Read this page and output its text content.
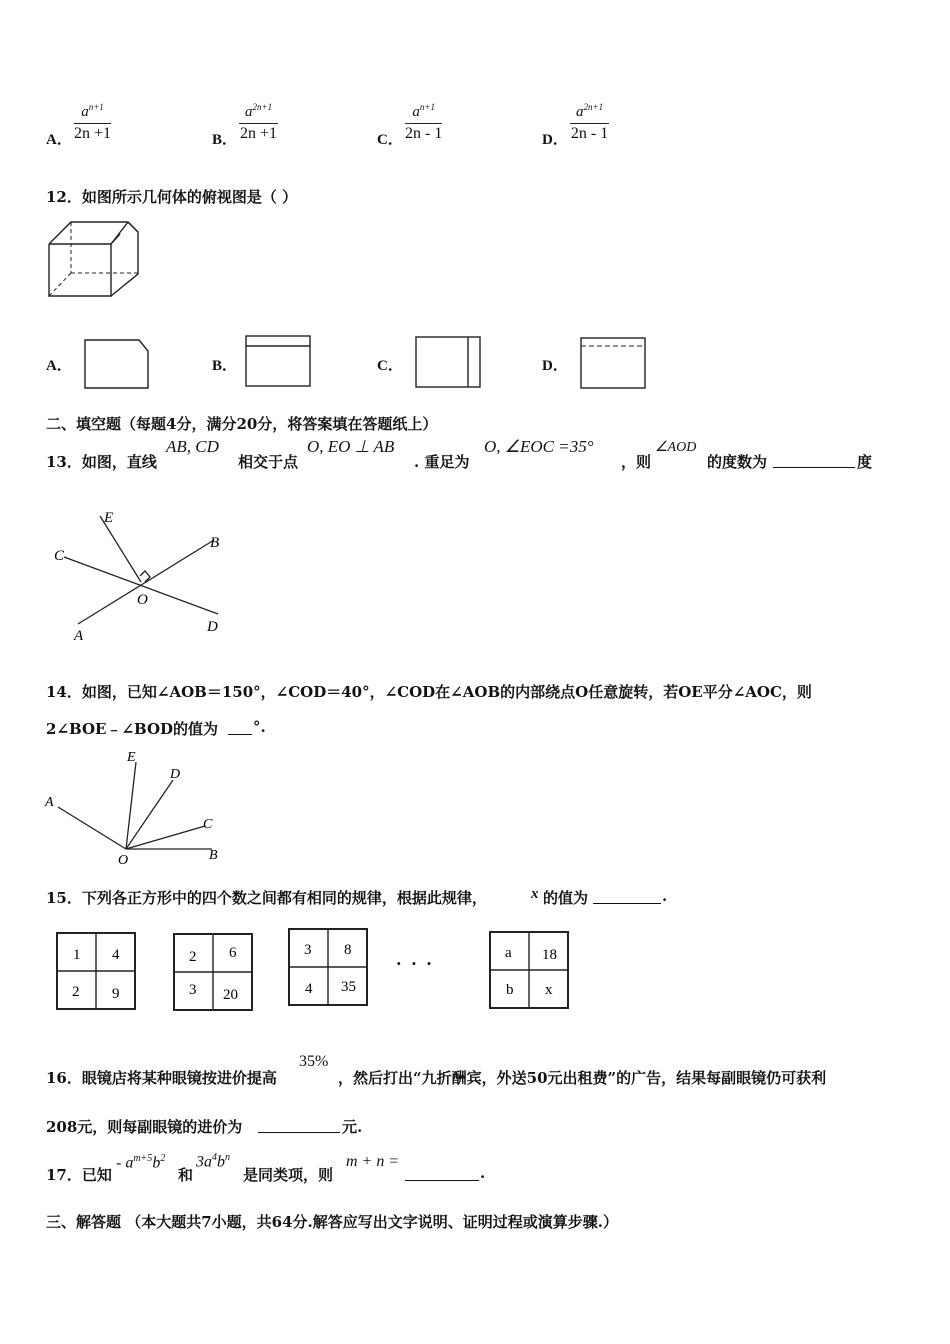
A． $\frac{a^{n+1}}{2n +1}$	B． $\frac{a^{2n+1}}{2n +1}$	C． $\frac{a^{n+1}}{2n - 1}$	D． $\frac{a^{2n+1}}{2n - 1}$
12．如图所示几何体的俯视图是（ ）
A．	B．	C．	D．
二、填空题（每题4分，满分20分，将答案填在答题纸上）
13．如图，直线
AB, CD
相交于点
O, EO ⊥ AB
. 重足为
O, ∠EOC =35°
，则
∠AOD
的度数为	度
E
C
B
O
A
D
14．如图，已知∠AOB＝150°，∠COD＝40°，∠COD在∠AOB的内部绕点O任意旋转，若OE平分∠AOC，则
2∠BOE﹣∠BOD的值为 °.
E
D
A
C
O	B
15．下列各正方形中的四个数之间都有相同的规律，根据此规律，	x 的值为	.
1 4
2 9
2 6
3 20
3 8
4 35
· · ·
a 18
b x
16．眼镜店将某种眼镜按进价提高
35%
，然后打出“九折酬宾，外送50元出租费”的广告，结果每副眼镜仍可获利
208元，则每副眼镜的进价为	元.
17．已知
- $a^{m+5}b^2$
和
$3a^4b^n$
是同类项，则
m + n =
.
三、解答题 （本大题共7小题，共64分.解答应写出文字说明、证明过程或演算步骤.）
